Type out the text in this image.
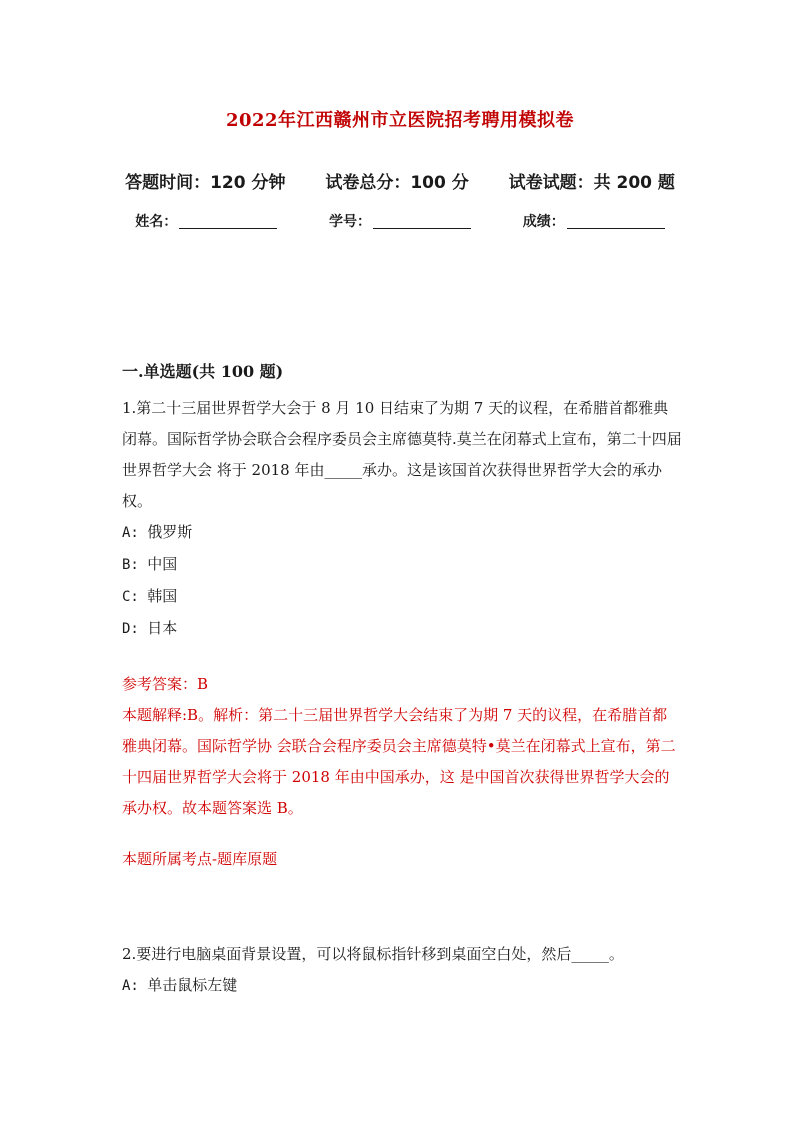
2022年江西赣州市立医院招考聘用模拟卷
答题时间：120 分钟 试卷总分：100 分 试卷试题：共 200 题
姓名：	学号：	成绩：
一.单选题(共 100 题)

1.第二十三届世界哲学大会于 8 月 10 日结束了为期 7 天的议程，在希腊首都雅典闭幕。国际哲学协会联合会程序委员会主席德莫特.莫兰在闭幕式上宣布，第二十四届世界哲学大会 将于 2018 年由_____承办。这是该国首次获得世界哲学大会的承办权。

A: 俄罗斯

B: 中国

C: 韩国

D: 日本

参考答案：B

本题解释:B。解析：第二十三届世界哲学大会结束了为期 7 天的议程，在希腊首都雅典闭幕。国际哲学协 会联合会程序委员会主席德莫特•莫兰在闭幕式上宣布，第二十四届世界哲学大会将于 2018 年由中国承办，这 是中国首次获得世界哲学大会的承办权。故本题答案选 B。

本题所属考点-题库原题

2.要进行电脑桌面背景设置，可以将鼠标指针移到桌面空白处，然后_____。

A: 单击鼠标左键
